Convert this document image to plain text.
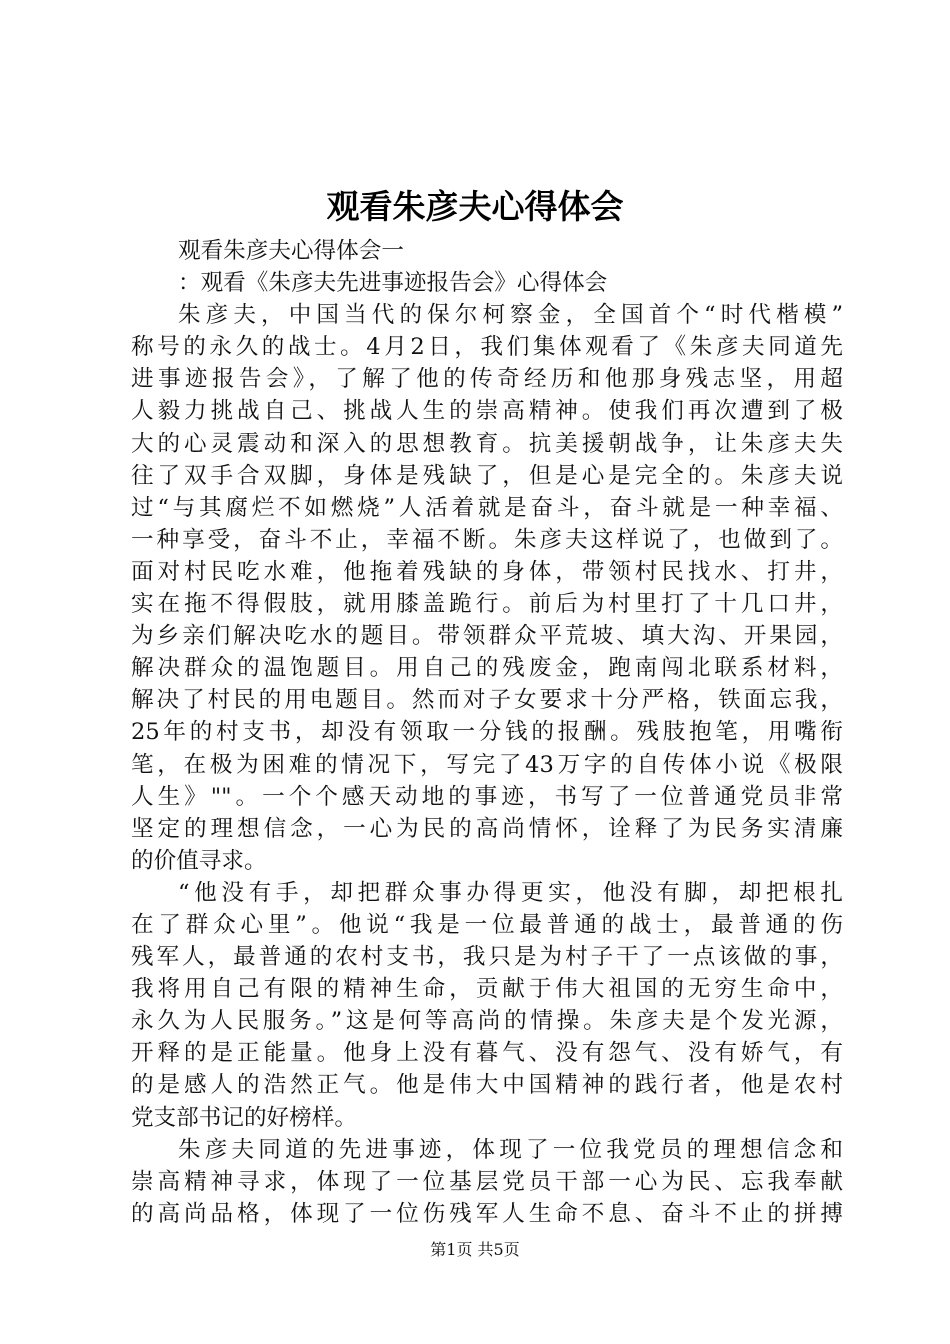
观看朱彦夫心得体会
观看朱彦夫心得体会一
：观看《朱彦夫先进事迹报告会》心得体会
朱彦夫，中国当代的保尔柯察金，全国首个“时代楷模”
称号的永久的战士。4月2日，我们集体观看了《朱彦夫同道先
进事迹报告会》，了解了他的传奇经历和他那身残志坚，用超
人毅力挑战自己、挑战人生的崇高精神。使我们再次遭到了极
大的心灵震动和深入的思想教育。抗美援朝战争，让朱彦夫失
往了双手合双脚，身体是残缺了，但是心是完全的。朱彦夫说
过“与其腐烂不如燃烧”人活着就是奋斗，奋斗就是一种幸福、
一种享受，奋斗不止，幸福不断。朱彦夫这样说了，也做到了。
面对村民吃水难，他拖着残缺的身体，带领村民找水、打井，
实在拖不得假肢，就用膝盖跪行。前后为村里打了十几口井，
为乡亲们解决吃水的题目。带领群众平荒坡、填大沟、开果园，
解决群众的温饱题目。用自己的残废金，跑南闯北联系材料，
解决了村民的用电题目。然而对子女要求十分严格，铁面忘我，
25年的村支书，却没有领取一分钱的报酬。残肢抱笔，用嘴衔
笔，在极为困难的情况下，写完了43万字的自传体小说《极限
人生》""。一个个感天动地的事迹，书写了一位普通党员非常
坚定的理想信念，一心为民的高尚情怀，诠释了为民务实清廉
的价值寻求。
“他没有手，却把群众事办得更实，他没有脚，却把根扎
在了群众心里”。他说“我是一位最普通的战士，最普通的伤
残军人，最普通的农村支书，我只是为村子干了一点该做的事，
我将用自己有限的精神生命，贡献于伟大祖国的无穷生命中，
永久为人民服务。”这是何等高尚的情操。朱彦夫是个发光源，
开释的是正能量。他身上没有暮气、没有怨气、没有娇气，有
的是感人的浩然正气。他是伟大中国精神的践行者，他是农村
党支部书记的好榜样。
朱彦夫同道的先进事迹，体现了一位我党员的理想信念和
崇高精神寻求，体现了一位基层党员干部一心为民、忘我奉献
的高尚品格，体现了一位伤残军人生命不息、奋斗不止的拼搏
第1页 共5页
